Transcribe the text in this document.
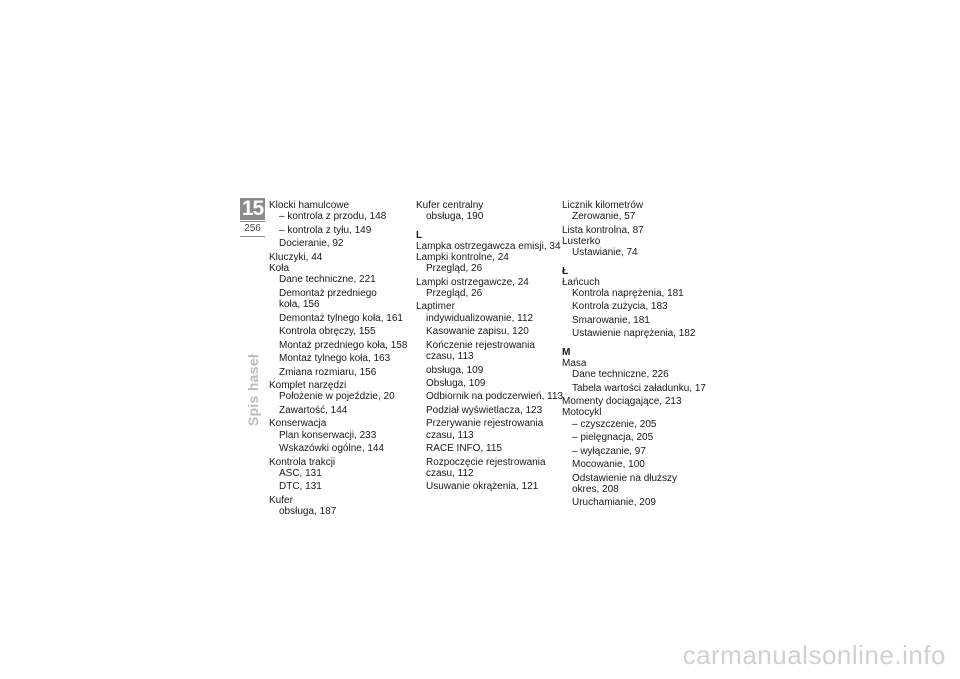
15
256
Spis haseł
Klocki hamulcowe
– kontrola z przodu, 148
– kontrola z tyłu, 149
Docieranie, 92
Kluczyki, 44
Koła
Dane techniczne, 221
Demontaż przedniego
koła, 156
Demontaż tylnego koła, 161
Kontrola obręczy, 155
Montaż przedniego koła, 158
Montaż tylnego koła, 163
Zmiana rozmiaru, 156
Komplet narzędzi
Położenie w pojeździe, 20
Zawartość, 144
Konserwacja
Plan konserwacji, 233
Wskazówki ogólne, 144
Kontrola trakcji
ASC, 131
DTC, 131
Kufer
obsługa, 187
Kufer centralny
obsługa, 190
L
Lampka ostrzegawcza emisji, 34
Lampki kontrolne, 24
Przegląd, 26
Lampki ostrzegawcze, 24
Przegląd, 26
Laptimer
indywidualizowanie, 112
Kasowanie zapisu, 120
Kończenie rejestrowania
czasu, 113
obsługa, 109
Obsługa, 109
Odbiornik na podczerwień, 113
Podział wyświetlacza, 123
Przerywanie rejestrowania
czasu, 113
RACE INFO, 115
Rozpoczęcie rejestrowania
czasu, 112
Usuwanie okrążenia, 121
Licznik kilometrów
Zerowanie, 57
Lista kontrolna, 87
Lusterko
Ustawianie, 74
Ł
Łańcuch
Kontrola naprężenia, 181
Kontrola zużycia, 183
Smarowanie, 181
Ustawienie naprężenia, 182
M
Masa
Dane techniczne, 226
Tabela wartości załadunku, 17
Momenty dociągające, 213
Motocykl
– czyszczenie, 205
– pielęgnacja, 205
– wyłączanie, 97
Mocowanie, 100
Odstawienie na dłuższy
okres, 208
Uruchamianie, 209
carmanualsonline.info
